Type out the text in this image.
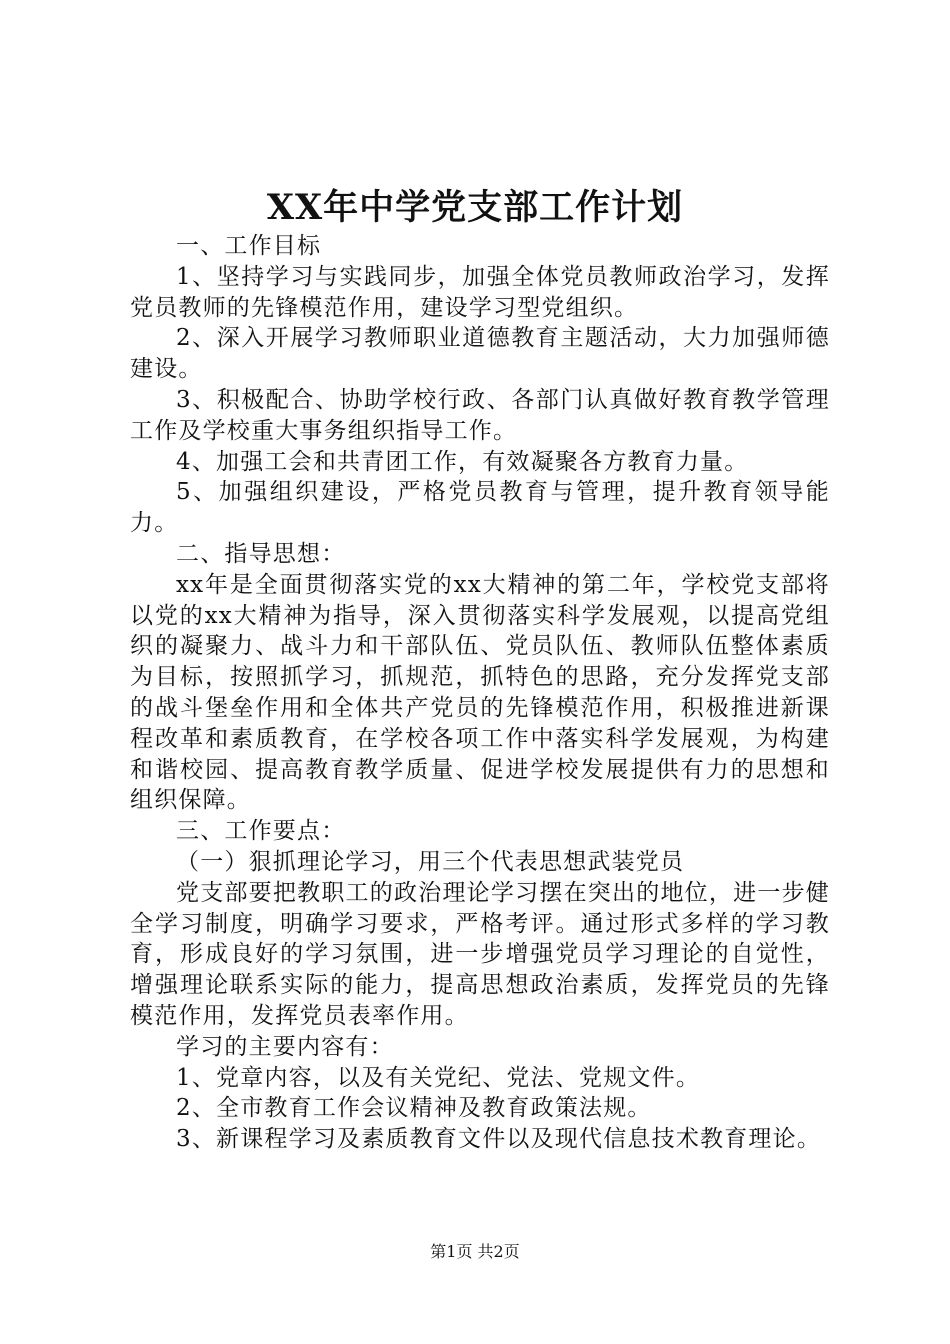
XX年中学党支部工作计划

一、工作目标

1、坚持学习与实践同步，加强全体党员教师政治学习，发挥党员教师的先锋模范作用，建设学习型党组织。

2、深入开展学习教师职业道德教育主题活动，大力加强师德建设。

3、积极配合、协助学校行政、各部门认真做好教育教学管理工作及学校重大事务组织指导工作。

4、加强工会和共青团工作，有效凝聚各方教育力量。

5、加强组织建设，严格党员教育与管理，提升教育领导能力。

二、指导思想：

xx年是全面贯彻落实党的xx大精神的第二年，学校党支部将以党的xx大精神为指导，深入贯彻落实科学发展观，以提高党组织的凝聚力、战斗力和干部队伍、党员队伍、教师队伍整体素质为目标，按照抓学习，抓规范，抓特色的思路，充分发挥党支部的战斗堡垒作用和全体共产党员的先锋模范作用，积极推进新课程改革和素质教育，在学校各项工作中落实科学发展观，为构建和谐校园、提高教育教学质量、促进学校发展提供有力的思想和组织保障。

三、工作要点：

（一）狠抓理论学习，用三个代表思想武装党员

党支部要把教职工的政治理论学习摆在突出的地位，进一步健全学习制度，明确学习要求，严格考评。通过形式多样的学习教育，形成良好的学习氛围，进一步增强党员学习理论的自觉性，增强理论联系实际的能力，提高思想政治素质，发挥党员的先锋模范作用，发挥党员表率作用。

学习的主要内容有：

1、党章内容，以及有关党纪、党法、党规文件。

2、全市教育工作会议精神及教育政策法规。

3、新课程学习及素质教育文件以及现代信息技术教育理论。

第1页 共2页
